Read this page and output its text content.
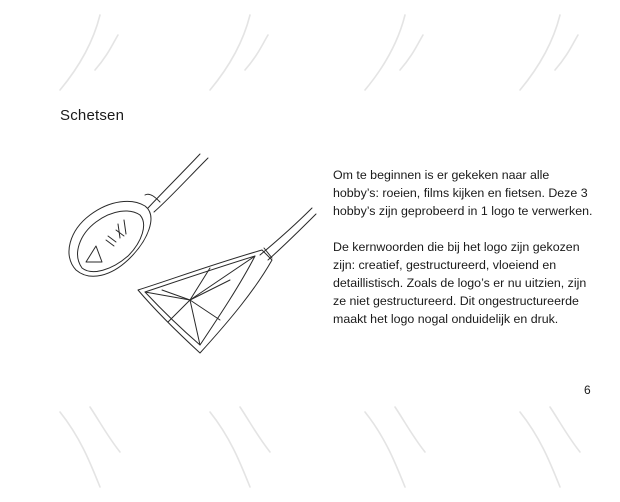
Schetsen

Om te beginnen is er gekeken naar alle hobby’s: roeien, films kijken en fietsen. Deze 3 hobby’s zijn geprobeerd in 1 logo te verwerken.

De kernwoorden die bij het logo zijn gekozen zijn: creatief, gestructureerd, vloeiend en detaillistisch. Zoals de logo’s er nu uitzien, zijn ze niet gestructureerd. Dit ongestructureerde maakt het logo nogal onduidelijk en druk.

6
